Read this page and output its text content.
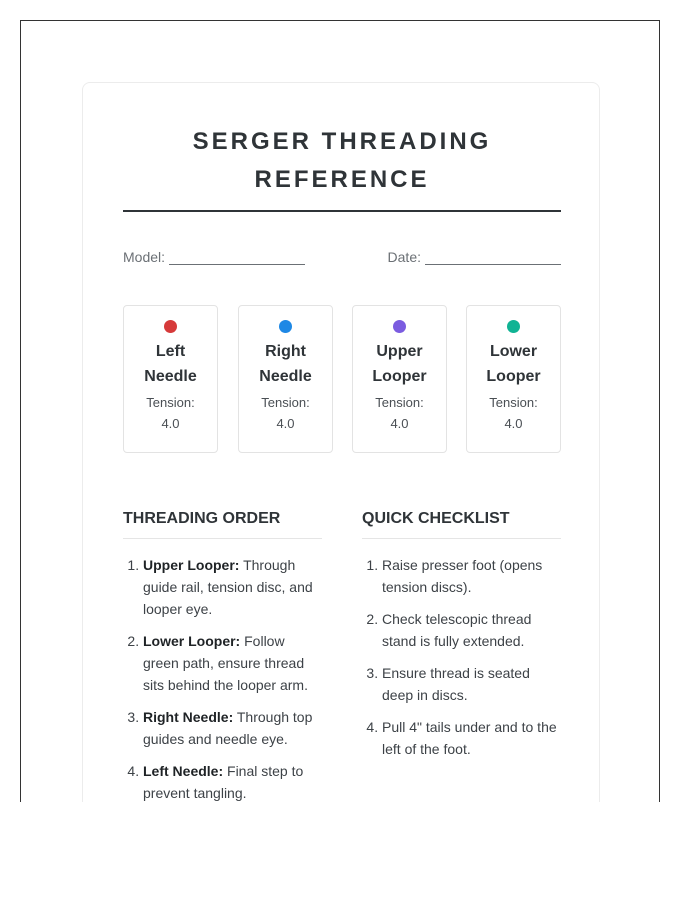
SERGER THREADING REFERENCE
Model:	Date:
Left Needle
Tension:
4.0
Right Needle
Tension:
4.0
Upper Looper
Tension:
4.0
Lower Looper
Tension:
4.0
THREADING ORDER
1. Upper Looper: Through guide rail, tension disc, and looper eye.
2. Lower Looper: Follow green path, ensure thread sits behind the looper arm.
3. Right Needle: Through top guides and needle eye.
4. Left Needle: Final step to prevent tangling.
QUICK CHECKLIST
1. Raise presser foot (opens tension discs).
2. Check telescopic thread stand is fully extended.
3. Ensure thread is seated deep in discs.
4. Pull 4" tails under and to the left of the foot.
